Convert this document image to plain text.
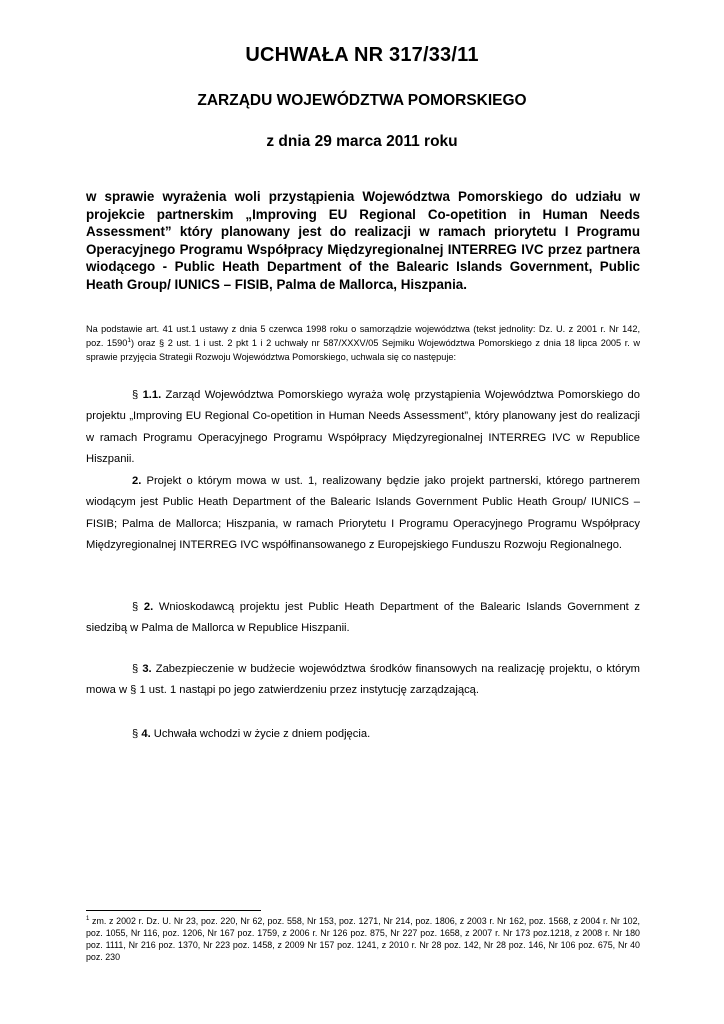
UCHWAŁA NR 317/33/11
ZARZĄDU WOJEWÓDZTWA POMORSKIEGO
z dnia 29 marca 2011 roku

w sprawie wyrażenia woli przystąpienia Województwa Pomorskiego do udziału w projekcie partnerskim „Improving EU Regional Co-opetition in Human Needs Assessment” który planowany jest do realizacji w ramach priorytetu I Programu Operacyjnego Programu Współpracy Międzyregionalnej INTERREG IVC przez partnera wiodącego - Public Heath Department of the Balearic Islands Government, Public Heath Group/ IUNICS – FISIB, Palma de Mallorca, Hiszpania.

Na podstawie art. 41 ust.1 ustawy z dnia 5 czerwca 1998 roku o samorządzie województwa (tekst jednolity: Dz. U. z 2001 r. Nr 142, poz. 1590$^1$) oraz § 2 ust. 1 i ust. 2 pkt 1 i 2 uchwały nr 587/XXXV/05 Sejmiku Województwa Pomorskiego z dnia 18 lipca 2005 r. w sprawie przyjęcia Strategii Rozwoju Województwa Pomorskiego, uchwala się co następuje:

§ 1.1. Zarząd Województwa Pomorskiego wyraża wolę przystąpienia Województwa Pomorskiego do projektu „Improving EU Regional Co-opetition in Human Needs Assessment”, który planowany jest do realizacji w ramach Programu Operacyjnego Programu Współpracy Międzyregionalnej INTERREG IVC w Republice Hiszpanii.

2. Projekt o którym mowa w ust. 1, realizowany będzie jako projekt partnerski, którego partnerem wiodącym jest Public Heath Department of the Balearic Islands Government Public Heath Group/ IUNICS – FISIB; Palma de Mallorca; Hiszpania, w ramach Priorytetu I Programu Operacyjnego Programu Współpracy Międzyregionalnej INTERREG IVC współfinansowanego z Europejskiego Funduszu Rozwoju Regionalnego.

§ 2. Wnioskodawcą projektu jest Public Heath Department of the Balearic Islands Government z siedzibą w Palma de Mallorca w Republice Hiszpanii.

§ 3. Zabezpieczenie w budżecie województwa środków finansowych na realizację projektu, o którym mowa w § 1 ust. 1 nastąpi po jego zatwierdzeniu przez instytucję zarządzającą.

§ 4. Uchwała wchodzi w życie z dniem podjęcia.

$^1$ zm. z 2002 r. Dz. U. Nr 23, poz. 220, Nr 62, poz. 558, Nr 153, poz. 1271, Nr 214, poz. 1806, z 2003 r. Nr 162, poz. 1568, z 2004 r. Nr 102, poz. 1055, Nr 116, poz. 1206, Nr 167 poz. 1759, z 2006 r. Nr 126 poz. 875, Nr 227 poz. 1658, z 2007 r. Nr 173 poz.1218, z 2008 r. Nr 180 poz. 1111, Nr 216 poz. 1370, Nr 223 poz. 1458, z 2009 Nr 157 poz. 1241, z 2010 r. Nr 28 poz. 142, Nr 28 poz. 146, Nr 106 poz. 675, Nr 40 poz. 230
